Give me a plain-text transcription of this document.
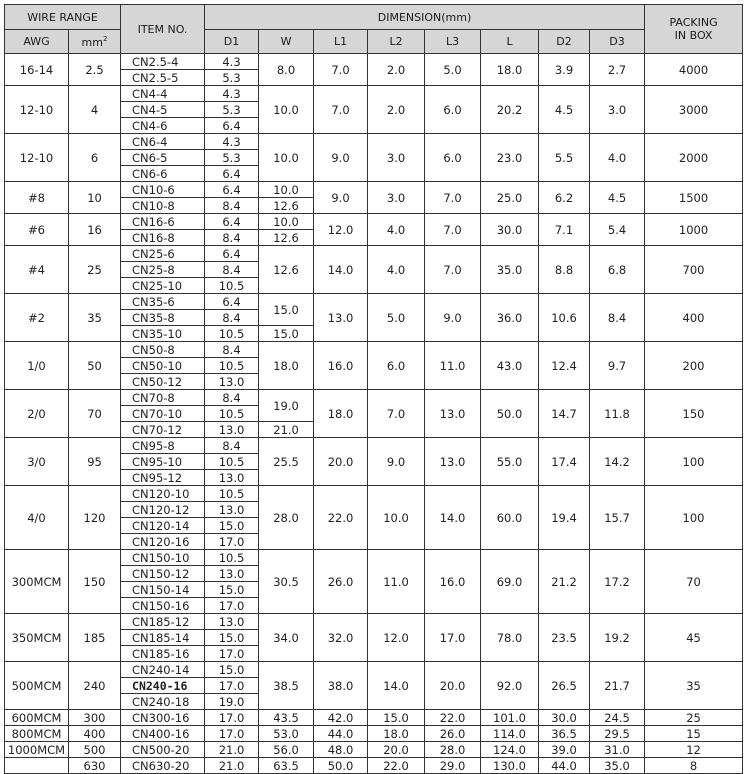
WIRE RANGE		ITEM NO.	DIMENSION(mm)								PACKING
IN BOX
AWG	$mm^2$		D1	W	L1	L2	L3	L	D2	D3	
16-14	2.5	CN2.5-4	4.3	8.0	7.0	2.0	5.0	18.0	3.9	2.7	4000
		CN2.5-5	5.3								
12-10	4	CN4-4	4.3	10.0	7.0	2.0	6.0	20.2	4.5	3.0	3000
		CN4-5	5.3								
		CN4-6	6.4								
12-10	6	CN6-4	4.3	10.0	9.0	3.0	6.0	23.0	5.5	4.0	2000
		CN6-5	5.3								
		CN6-6	6.4								
#8	10	CN10-6	6.4	10.0	9.0	3.0	7.0	25.0	6.2	4.5	1500
		CN10-8	8.4	12.6							
#6	16	CN16-6	6.4	10.0	12.0	4.0	7.0	30.0	7.1	5.4	1000
		CN16-8	8.4	12.6							
#4	25	CN25-6	6.4	12.6	14.0	4.0	7.0	35.0	8.8	6.8	700
		CN25-8	8.4								
		CN25-10	10.5								
#2	35	CN35-6	6.4	15.0	13.0	5.0	9.0	36.0	10.6	8.4	400
		CN35-8	8.4								
		CN35-10	10.5	15.0							
1/0	50	CN50-8	8.4	18.0	16.0	6.0	11.0	43.0	12.4	9.7	200
		CN50-10	10.5								
		CN50-12	13.0								
2/0	70	CN70-8	8.4	19.0	18.0	7.0	13.0	50.0	14.7	11.8	150
		CN70-10	10.5								
		CN70-12	13.0	21.0							
3/0	95	CN95-8	8.4	25.5	20.0	9.0	13.0	55.0	17.4	14.2	100
		CN95-10	10.5								
		CN95-12	13.0								
4/0	120	CN120-10	10.5	28.0	22.0	10.0	14.0	60.0	19.4	15.7	100
		CN120-12	13.0								
		CN120-14	15.0								
		CN120-16	17.0								
300MCM	150	CN150-10	10.5	30.5	26.0	11.0	16.0	69.0	21.2	17.2	70
		CN150-12	13.0								
		CN150-14	15.0								
		CN150-16	17.0								
350MCM	185	CN185-12	13.0	34.0	32.0	12.0	17.0	78.0	23.5	19.2	45
		CN185-14	15.0								
		CN185-16	17.0								
500MCM	240	CN240-14	15.0	38.5	38.0	14.0	20.0	92.0	26.5	21.7	35
		CN240-16	17.0								
		CN240-18	19.0								
600MCM	300	CN300-16	17.0	43.5	42.0	15.0	22.0	101.0	30.0	24.5	25
800MCM	400	CN400-16	17.0	53.0	44.0	18.0	26.0	114.0	36.5	29.5	15
1000MCM	500	CN500-20	21.0	56.0	48.0	20.0	28.0	124.0	39.0	31.0	12
	630	CN630-20	21.0	63.5	50.0	22.0	29.0	130.0	44.0	35.0	8
